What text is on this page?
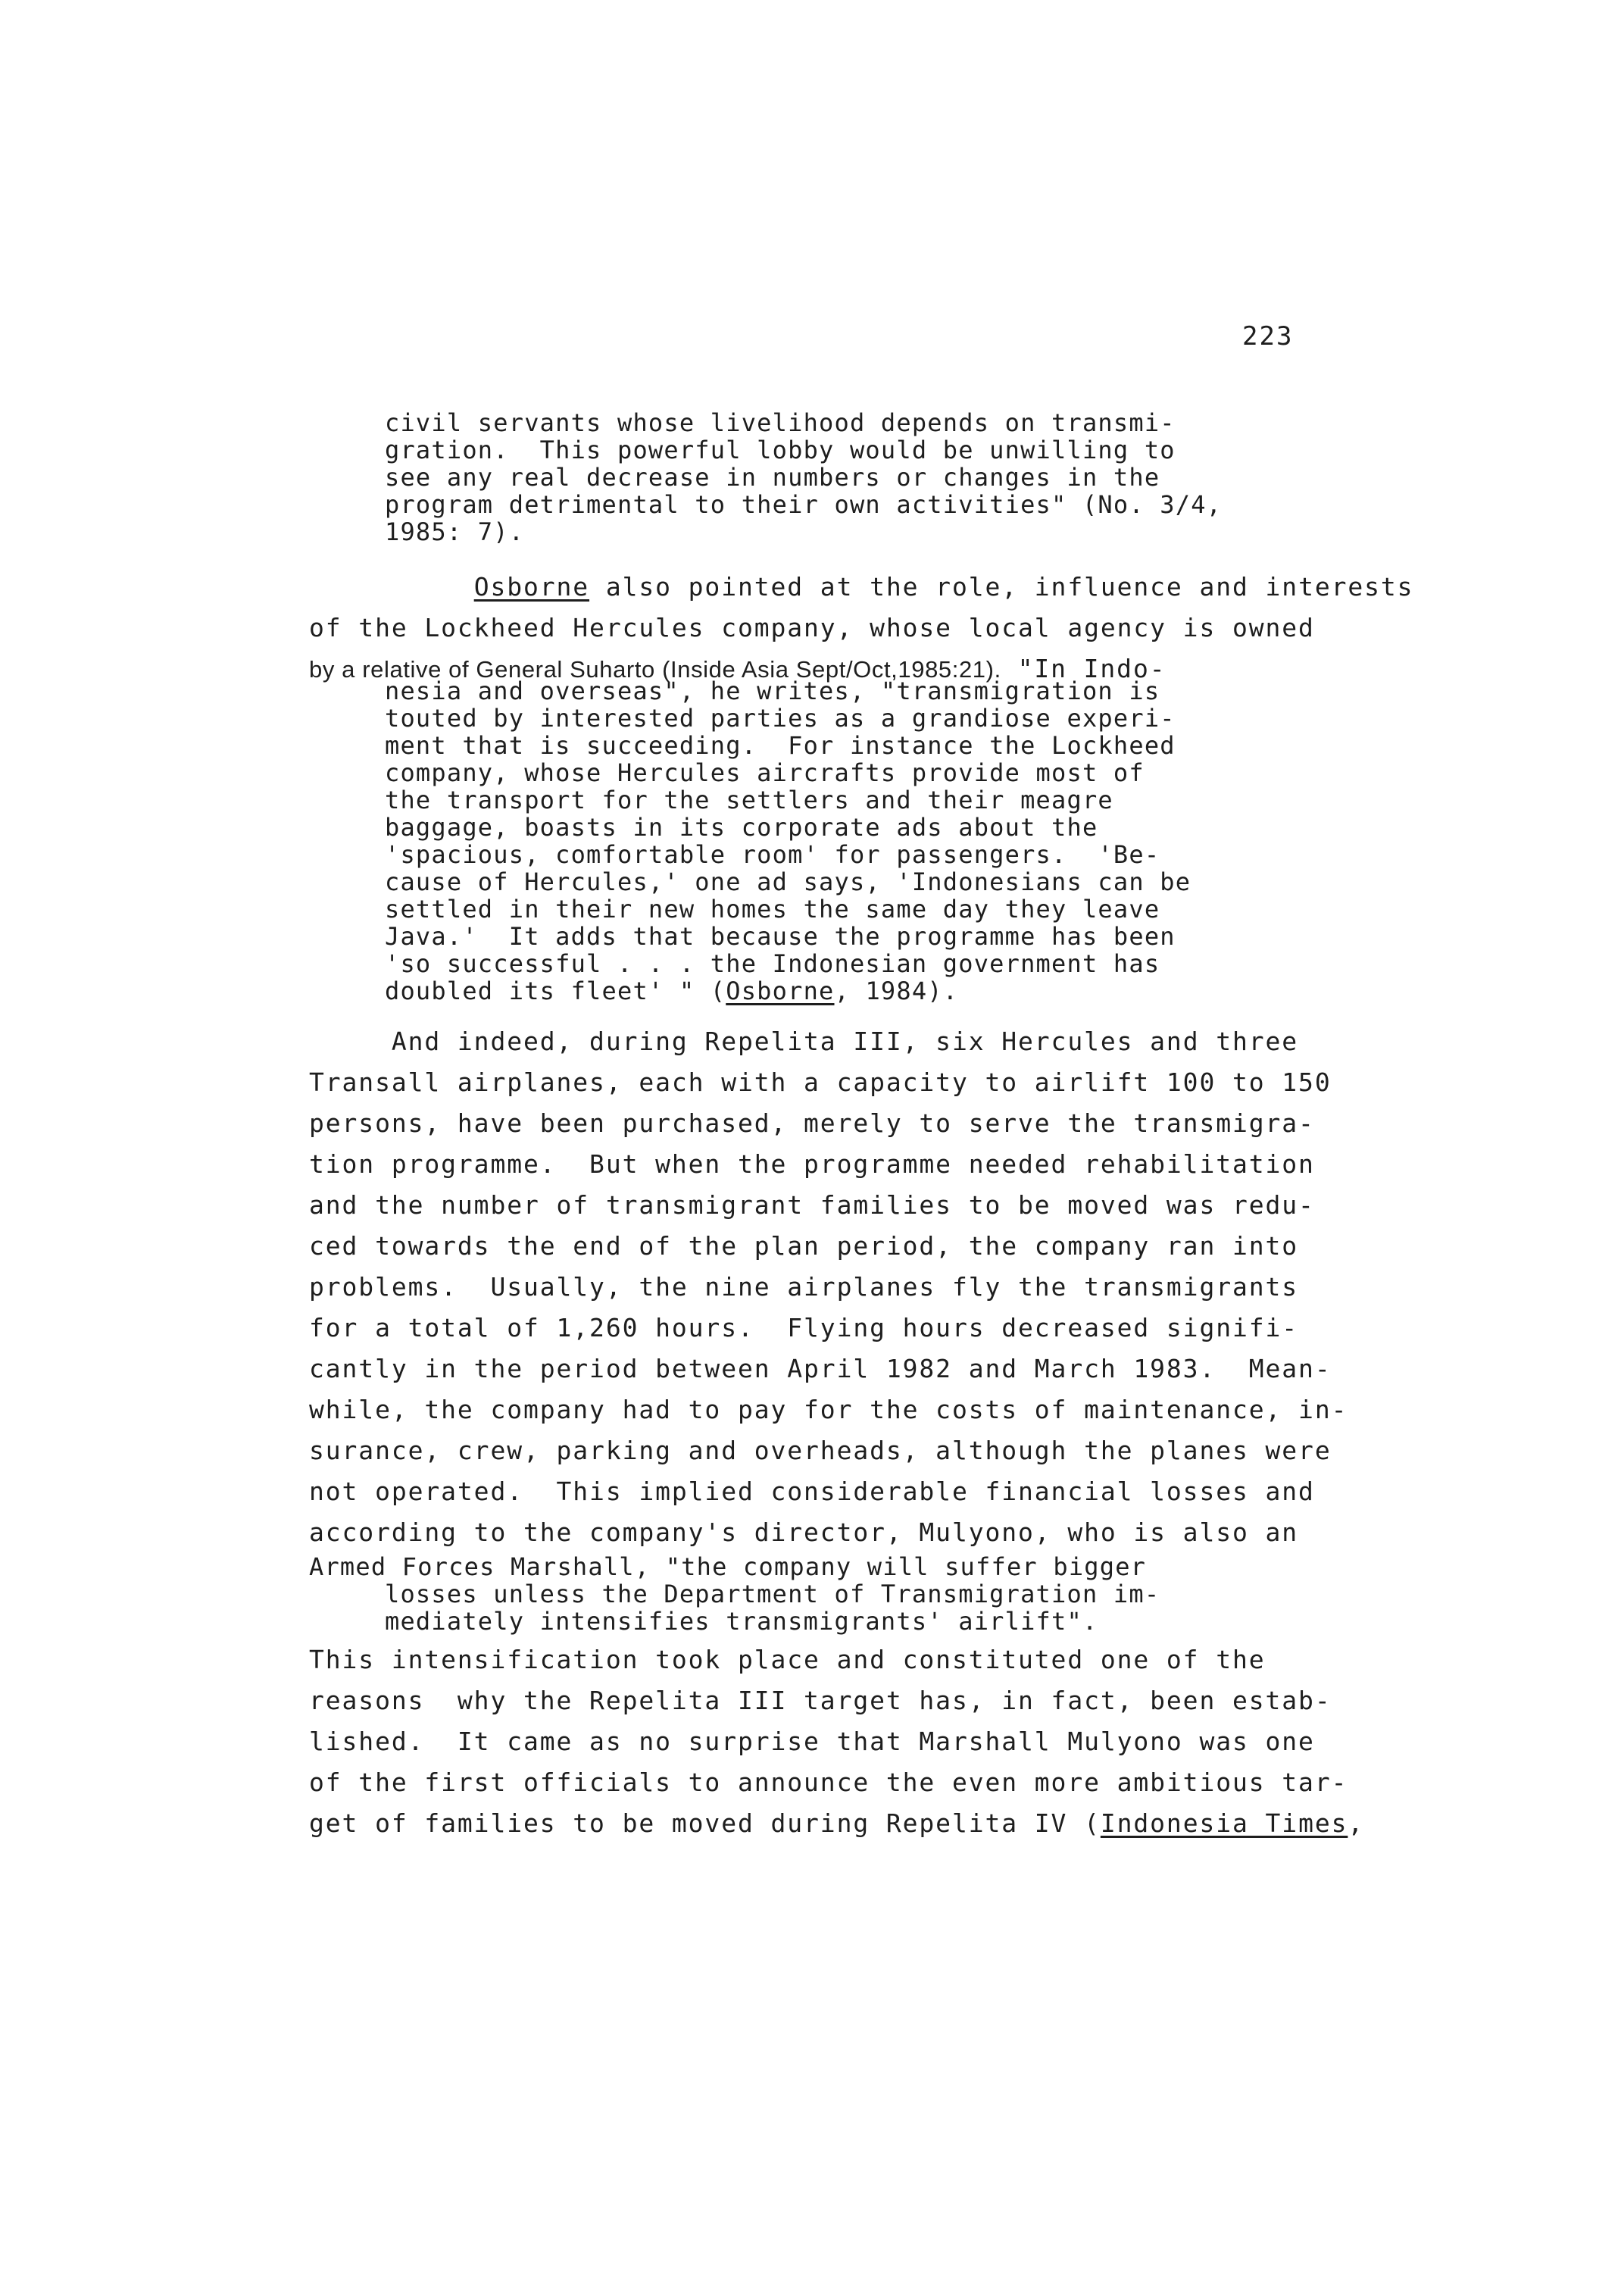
223
civil servants whose livelihood depends on transmi-
gration.  This powerful lobby would be unwilling to
see any real decrease in numbers or changes in the
program detrimental to their own activities" (No. 3/4,
1985: 7).
Osborne also pointed at the role, influence and interests
of the Lockheed Hercules company, whose local agency is owned
by a relative of General Suharto (Inside Asia Sept/Oct,1985:21). "In Indo-
nesia and overseas", he writes, "transmigration is
touted by interested parties as a grandiose experi-
ment that is succeeding.  For instance the Lockheed
company, whose Hercules aircrafts provide most of
the transport for the settlers and their meagre
baggage, boasts in its corporate ads about the
'spacious, comfortable room' for passengers.  'Be-
cause of Hercules,' one ad says, 'Indonesians can be
settled in their new homes the same day they leave
Java.'  It adds that because the programme has been
'so successful . . . the Indonesian government has
doubled its fleet' " (Osborne, 1984).
And indeed, during Repelita III, six Hercules and three
Transall airplanes, each with a capacity to airlift 100 to 150
persons, have been purchased, merely to serve the transmigra-
tion programme.  But when the programme needed rehabilitation
and the number of transmigrant families to be moved was redu-
ced towards the end of the plan period, the company ran into
problems.  Usually, the nine airplanes fly the transmigrants
for a total of 1,260 hours.  Flying hours decreased signifi-
cantly in the period between April 1982 and March 1983.  Mean-
while, the company had to pay for the costs of maintenance, in-
surance, crew, parking and overheads, although the planes were
not operated.  This implied considerable financial losses and
according to the company's director, Mulyono, who is also an
Armed Forces Marshall, "the company will suffer bigger
losses unless the Department of Transmigration im-
mediately intensifies transmigrants' airlift".
This intensification took place and constituted one of the
reasons  why the Repelita III target has, in fact, been estab-
lished.  It came as no surprise that Marshall Mulyono was one
of the first officials to announce the even more ambitious tar-
get of families to be moved during Repelita IV (Indonesia Times,
